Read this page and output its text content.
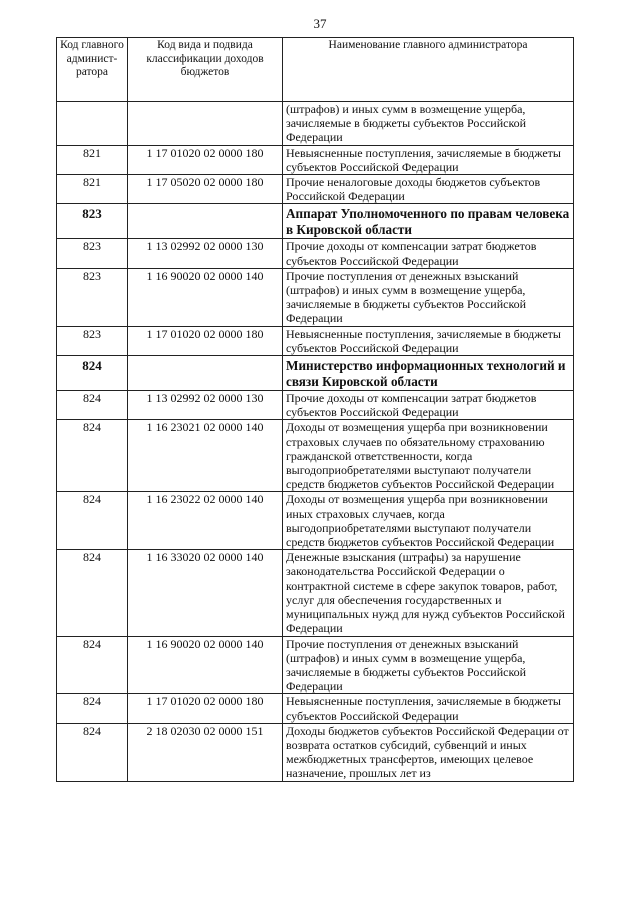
37
Код главного админист-ратора	Код вида и подвида классификации доходов бюджетов	Наименование главного администратора
		(штрафов) и иных сумм в возмещение ущерба, зачисляемые в бюджеты субъектов Российской Федерации
821	1 17 01020 02 0000 180	Невыясненные поступления, зачисляемые в бюджеты субъектов Российской Федерации
821	1 17 05020 02 0000 180	Прочие неналоговые доходы бюджетов субъектов Российской Федерации
823		Аппарат Уполномоченного по правам человека в Кировской области
823	1 13 02992 02 0000 130	Прочие доходы от компенсации затрат бюджетов субъектов Российской Федерации
823	1 16 90020 02 0000 140	Прочие поступления от денежных взысканий (штрафов) и иных сумм в возмещение ущерба, зачисляемые в бюджеты субъектов Российской Федерации
823	1 17 01020 02 0000 180	Невыясненные поступления, зачисляемые в бюджеты субъектов Российской Федерации
824		Министерство информационных технологий и связи Кировской области
824	1 13 02992 02 0000 130	Прочие доходы от компенсации затрат бюджетов субъектов Российской Федерации
824	1 16 23021 02 0000 140	Доходы от возмещения ущерба при возникновении страховых случаев по обязательному страхованию гражданской ответственности, когда выгодоприобретателями выступают получатели средств бюджетов субъектов Российской Федерации
824	1 16 23022 02 0000 140	Доходы от возмещения ущерба при возникновении иных страховых случаев, когда выгодоприобретателями выступают получатели средств бюджетов субъектов Российской Федерации
824	1 16 33020 02 0000 140	Денежные взыскания (штрафы) за нарушение законодательства Российской Федерации о контрактной системе в сфере закупок товаров, работ, услуг для обеспечения государственных и муниципальных нужд для нужд субъектов Российской Федерации
824	1 16 90020 02 0000 140	Прочие поступления от денежных взысканий (штрафов) и иных сумм в возмещение ущерба, зачисляемые в бюджеты субъектов Российской Федерации
824	1 17 01020 02 0000 180	Невыясненные поступления, зачисляемые в бюджеты субъектов Российской Федерации
824	2 18 02030 02 0000 151	Доходы бюджетов субъектов Российской Федерации от возврата остатков субсидий, субвенций и иных межбюджетных трансфертов, имеющих целевое назначение, прошлых лет из
